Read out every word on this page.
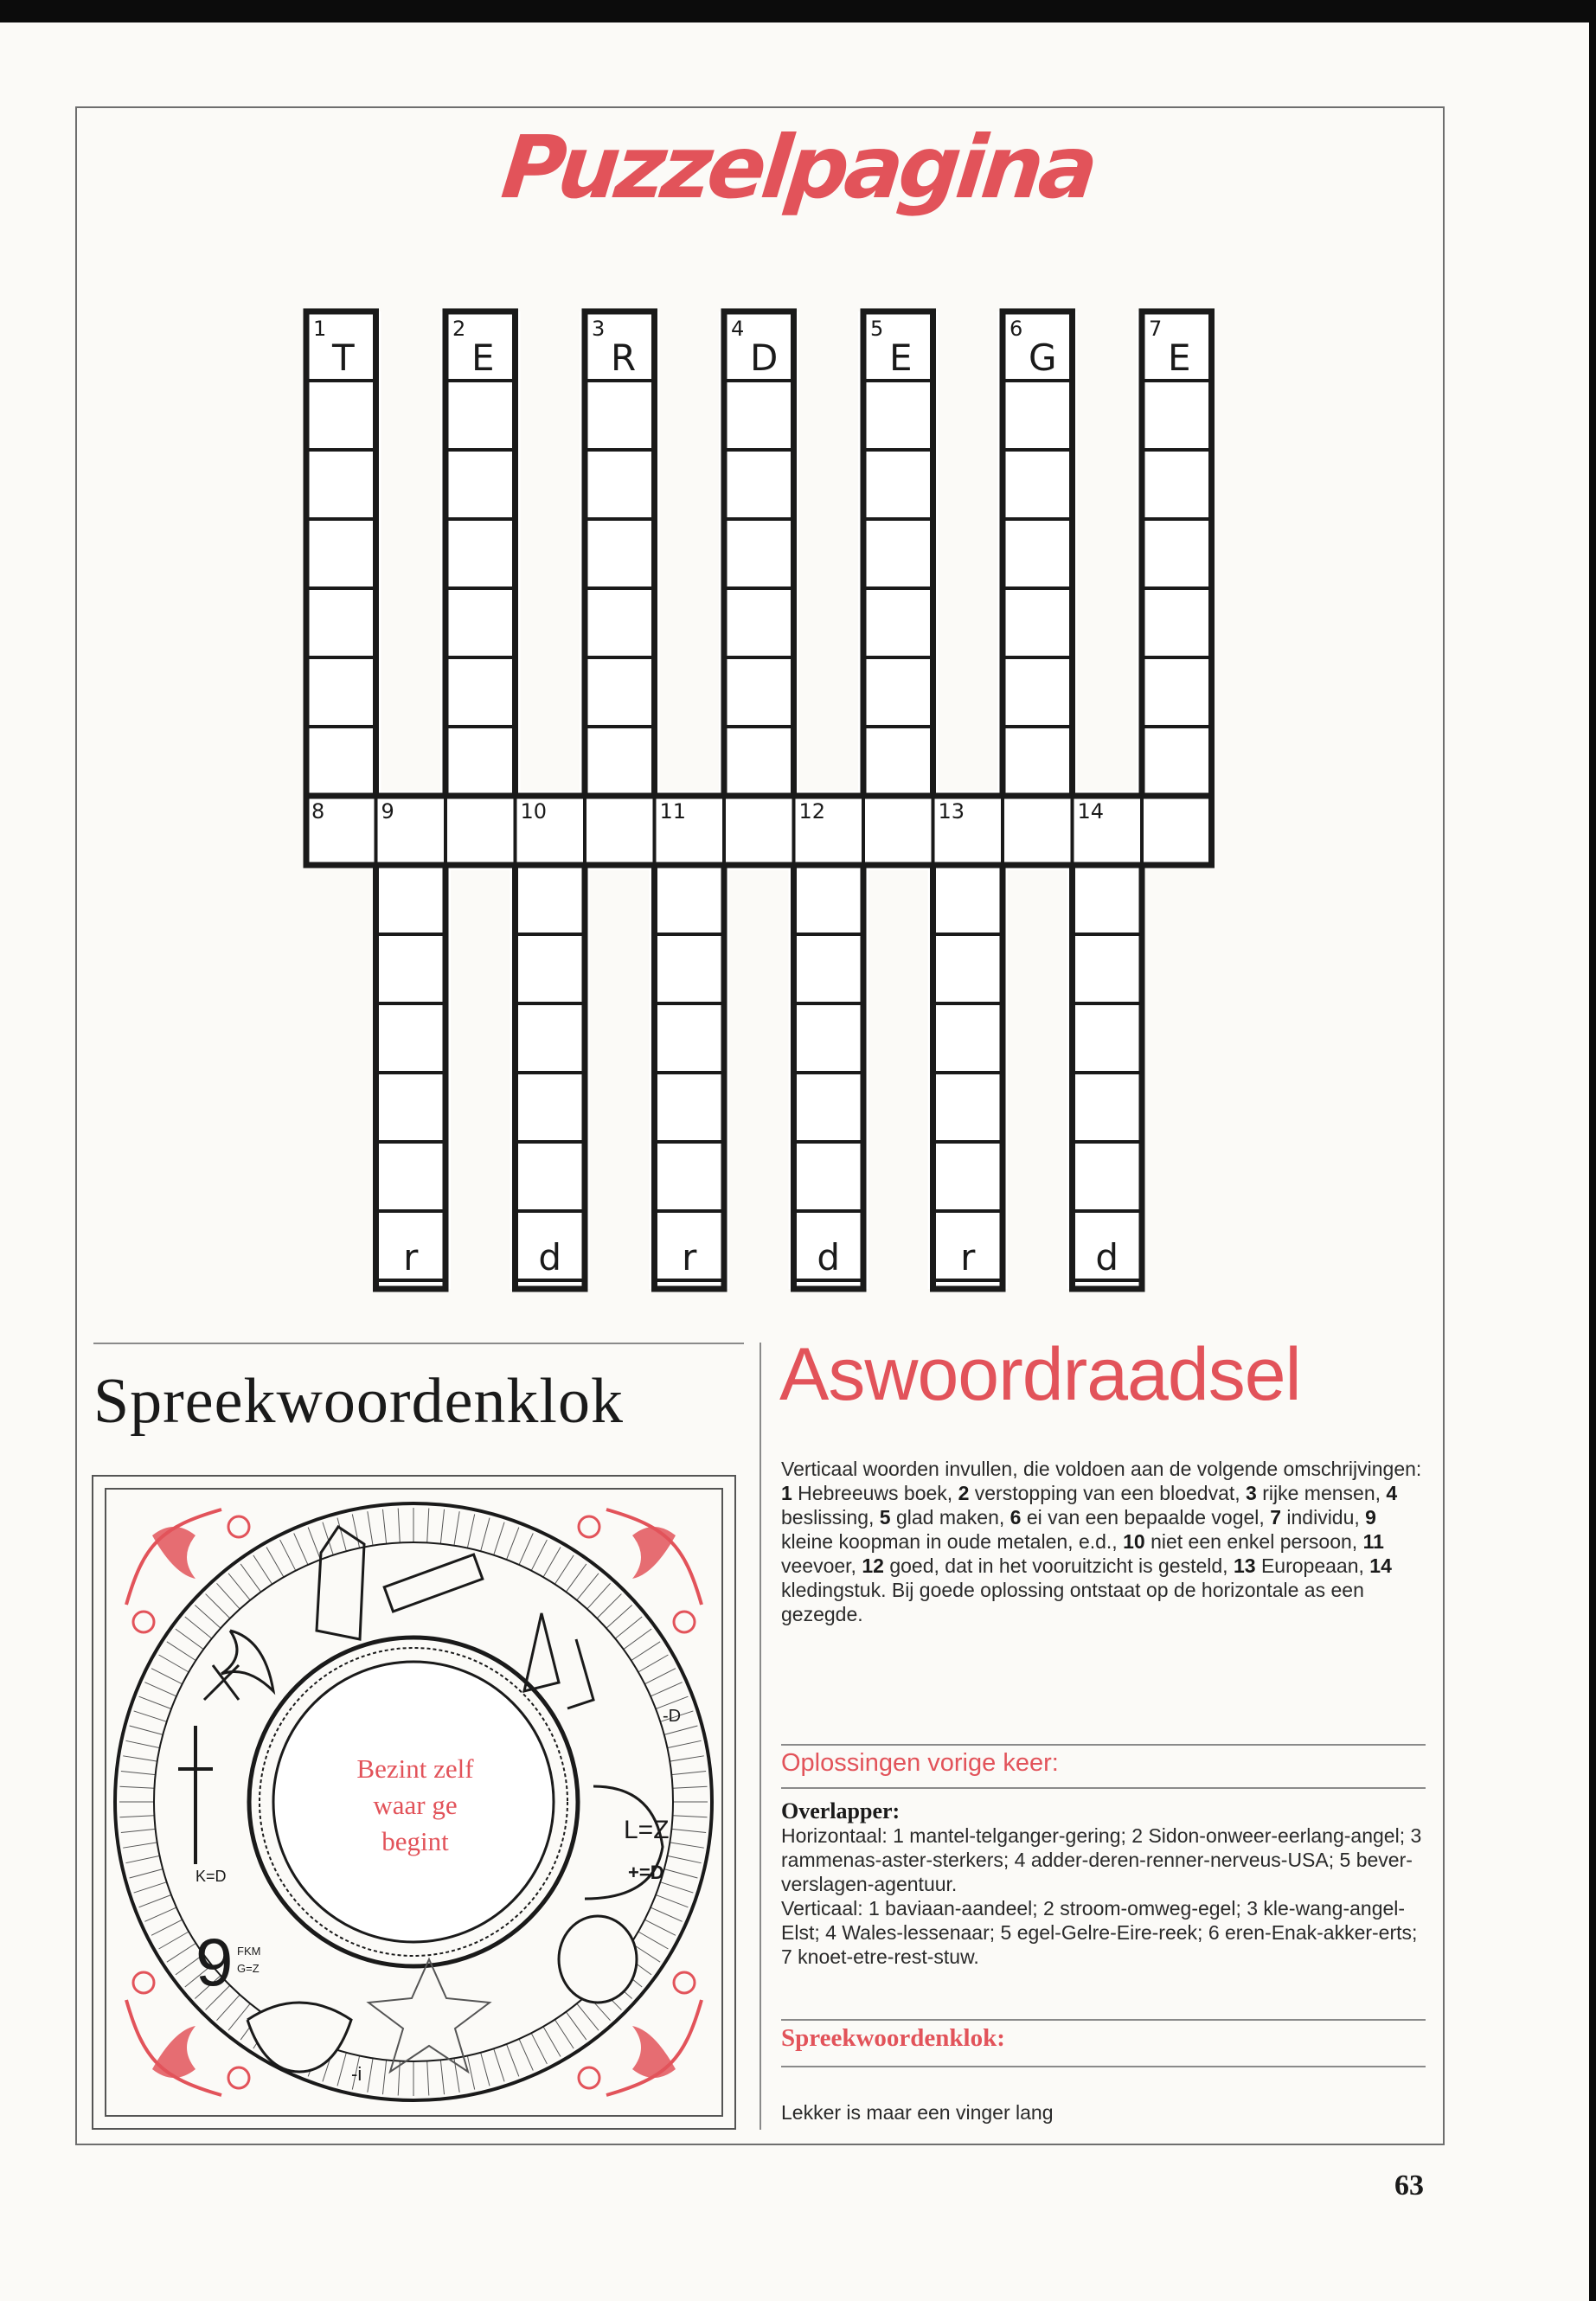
Puzzelpagina
1
T
2
E
3
R
4
D
5
E
6
G
7
E
8	9	10	11	12	13	14
r	d	r	d	r	d
Spreekwoordenklok
K=D
9 FKM
G=Z
-D
L=Z
+=D
-i
Bezint zelf
waar ge
begint
Aswoordraadsel
Verticaal woorden invullen, die voldoen aan de volgende omschrijvingen: 1 Hebreeuws boek, 2 verstopping van een bloedvat, 3 rijke mensen, 4 beslissing, 5 glad maken, 6 ei van een bepaalde vogel, 7 individu, 9 kleine koopman in oude metalen, e.d., 10 niet een enkel persoon, 11 veevoer, 12 goed, dat in het vooruitzicht is gesteld, 13 Europeaan, 14 kledingstuk. Bij goede oplossing ontstaat op de horizontale as een gezegde.
Oplossingen vorige keer:
Overlapper:
Horizontaal: 1 mantel-telganger-gering; 2 Sidon-onweer-eerlang-angel; 3 rammenas-aster-sterkers; 4 adder-deren-renner-nerveus-USA; 5 bever-verslagen-agentuur.
Verticaal: 1 baviaan-aandeel; 2 stroom-omweg-egel; 3 kle-wang-angel-Elst; 4 Wales-lessenaar; 5 egel-Gelre-Eire-reek; 6 eren-Enak-akker-erts; 7 knoet-etre-rest-stuw.
Spreekwoordenklok:
Lekker is maar een vinger lang
63
